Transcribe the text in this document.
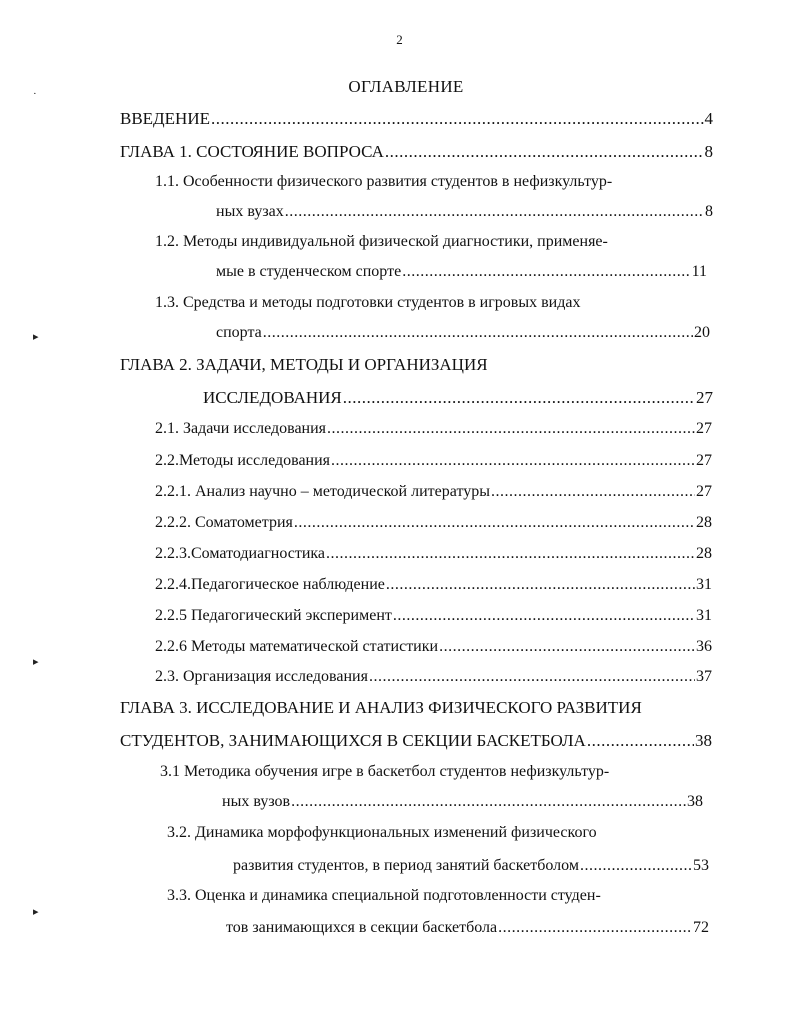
2
ОГЛАВЛЕНИЕ
·
▸
▸
▸
ВВЕДЕНИЕ .....	4
ГЛАВА 1. СОСТОЯНИЕ ВОПРОСА .....	8
1.1. Особенности физического развития студентов в нефизкультур-
ных вузах .....	8
1.2. Методы индивидуальной физической диагностики, применяе-
мые в студенческом спорте .....	11
1.3. Средства и методы подготовки студентов в игровых видах
спорта .....	20
ГЛАВА 2. ЗАДАЧИ, МЕТОДЫ И ОРГАНИЗАЦИЯ
ИССЛЕДОВАНИЯ .....	27
2.1. Задачи исследования .....	27
2.2.Методы исследования .....	27
2.2.1. Анализ научно – методической литературы .....	27
2.2.2. Соматометрия .....	28
2.2.3.Соматодиагностика .....	28
2.2.4.Педагогическое наблюдение .....	31
2.2.5 Педагогический эксперимент .....	31
2.2.6 Методы математической статистики .....	36
2.3. Организация исследования .....	37
ГЛАВА 3. ИССЛЕДОВАНИЕ И АНАЛИЗ ФИЗИЧЕСКОГО РАЗВИТИЯ
СТУДЕНТОВ, ЗАНИМАЮЩИХСЯ В СЕКЦИИ БАСКЕТБОЛА .....	38
3.1 Методика обучения игре в баскетбол студентов нефизкультур-
ных вузов .....	38
3.2. Динамика морфофункциональных изменений физического
развития студентов, в период занятий баскетболом .....	53
3.3. Оценка и динамика специальной подготовленности студен-
тов занимающихся в секции баскетбола .....	72
